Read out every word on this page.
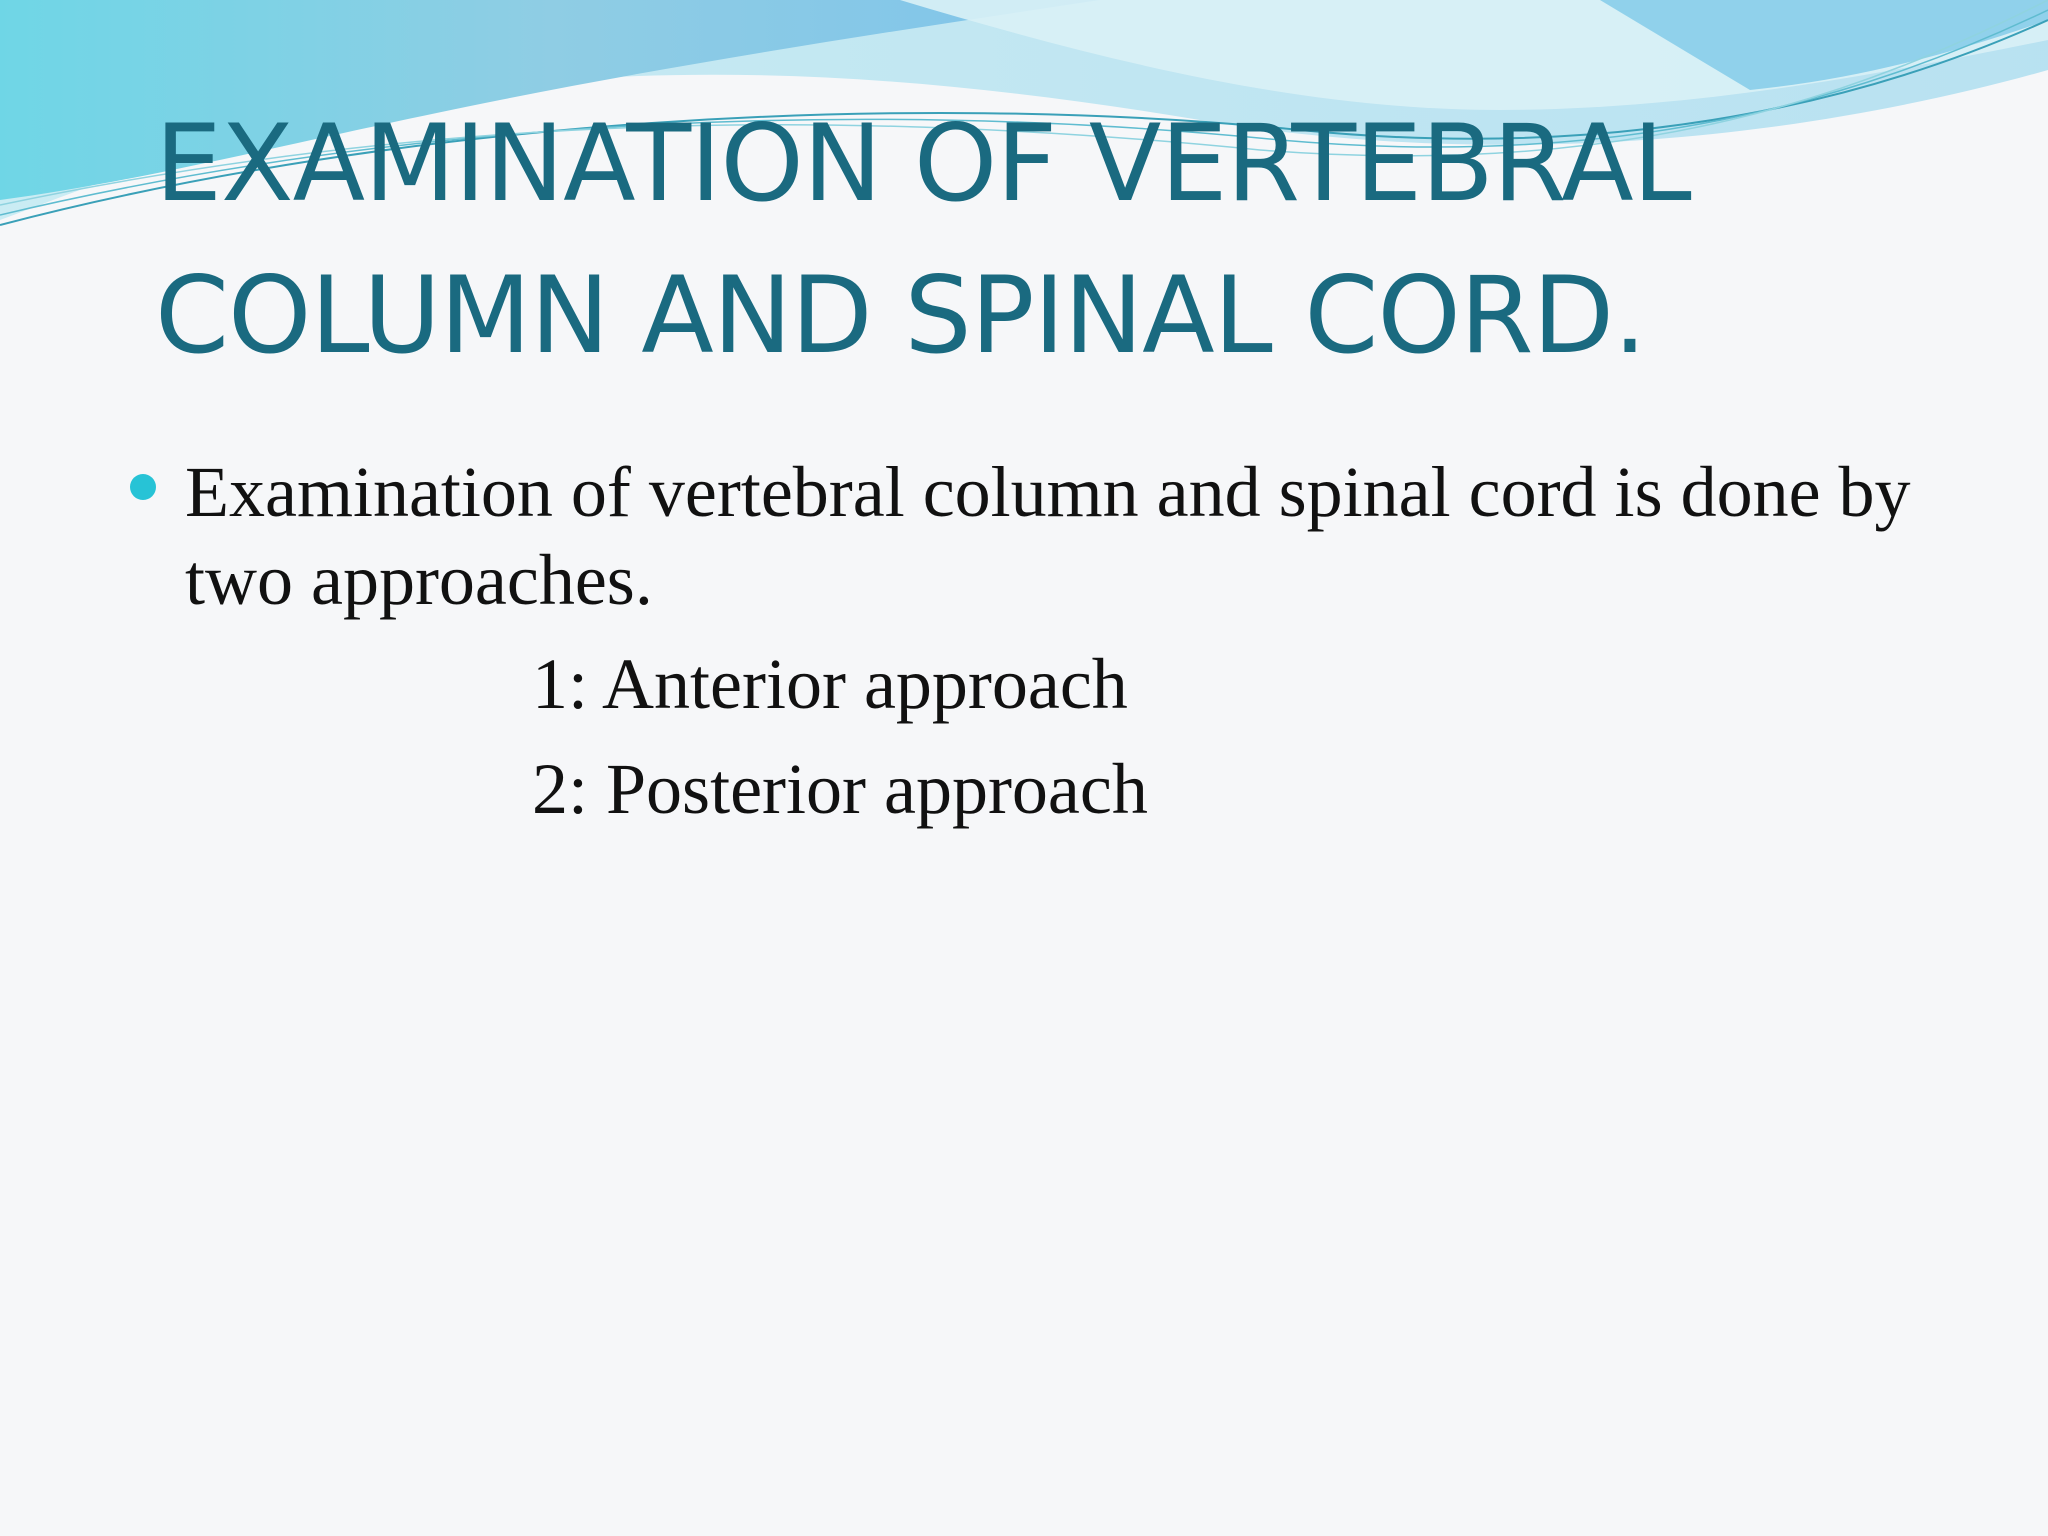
EXAMINATION OF VERTEBRAL
COLUMN AND SPINAL CORD.
Examination of vertebral column and spinal cord is done by two approaches.
1: Anterior approach
2: Posterior approach
